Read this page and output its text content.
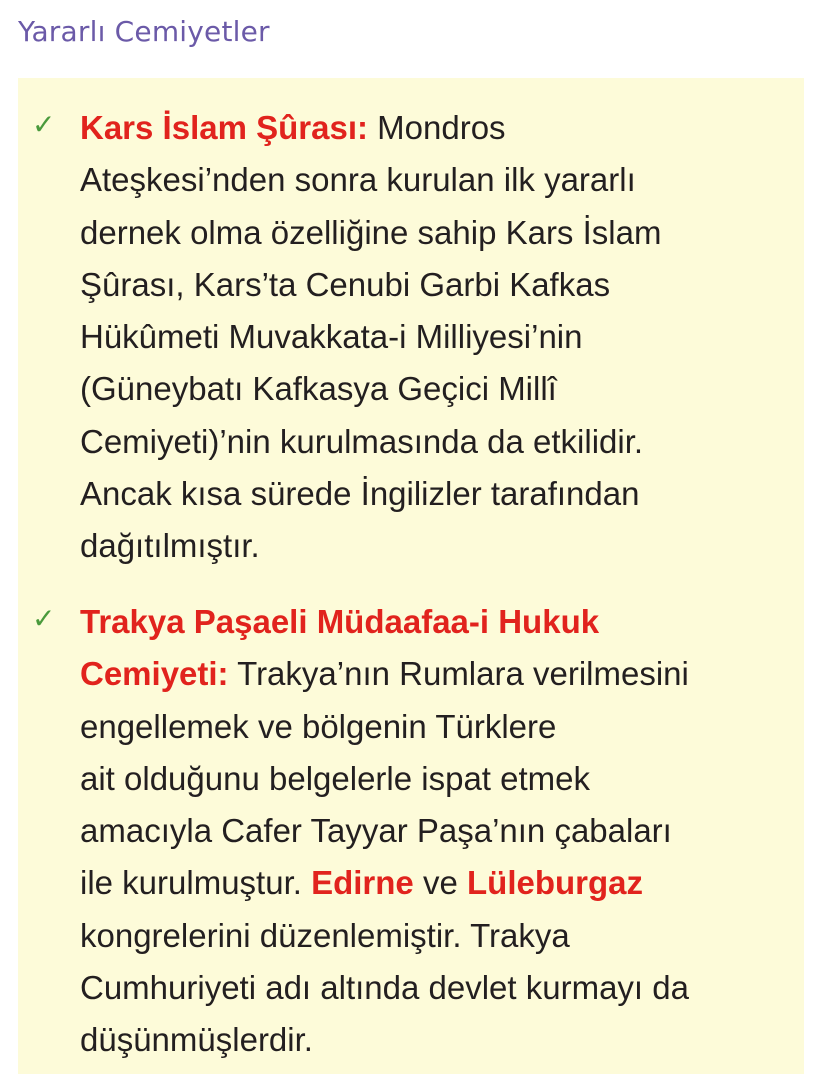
Yararlı Cemiyetler
✓ Kars İslam Şûrası: Mondros
Ateşkesi’nden sonra kurulan ilk yararlı
dernek olma özelliğine sahip Kars İslam
Şûrası, Kars’ta Cenubi Garbi Kafkas
Hükûmeti Muvakkata-i Milliyesi’nin
(Güneybatı Kafkasya Geçici Millî
Cemiyeti)’nin kurulmasında da etkilidir.
Ancak kısa sürede İngilizler tarafından
dağıtılmıştır.

✓ Trakya Paşaeli Müdaafaa-i Hukuk
Cemiyeti: Trakya’nın Rumlara verilmesini
engellemek ve bölgenin Türklere
ait olduğunu belgelerle ispat etmek
amacıyla Cafer Tayyar Paşa’nın çabaları
ile kurulmuştur. Edirne ve Lüleburgaz
kongrelerini düzenlemiştir. Trakya
Cumhuriyeti adı altında devlet kurmayı da
düşünmüşlerdir.
